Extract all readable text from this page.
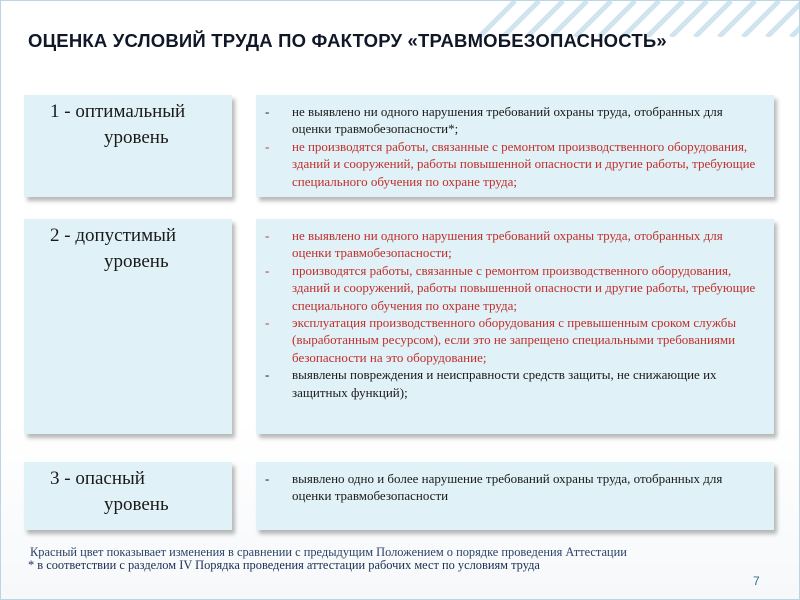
ОЦЕНКА УСЛОВИЙ ТРУДА ПО ФАКТОРУ «ТРАВМОБЕЗОПАСНОСТЬ»
1 - оптимальный
уровень
- не выявлено ни одного нарушения требований охраны труда, отобранных для оценки травмобезопасности*;
- не производятся работы, связанные с ремонтом производственного оборудования, зданий и сооружений, работы повышенной опасности и другие работы, требующие специального обучения по охране труда;
2 - допустимый
уровень
- не выявлено ни одного нарушения требований охраны труда, отобранных для оценки травмобезопасности;
- производятся работы, связанные с ремонтом производственного оборудования, зданий и сооружений, работы повышенной опасности и другие работы, требующие специального обучения по охране труда;
- эксплуатация производственного оборудования с превышенным сроком службы (выработанным ресурсом), если это не запрещено специальными требованиями безопасности на это оборудование;
- выявлены повреждения и неисправности средств защиты, не снижающие их защитных функций);
3 - опасный
уровень
- выявлено одно и более нарушение требований охраны труда, отобранных для оценки травмобезопасности
Красный цвет показывает изменения в сравнении с предыдущим Положением о порядке проведения Аттестации
* в соответствии с разделом IV Порядка проведения аттестации рабочих мест по условиям труда
7
